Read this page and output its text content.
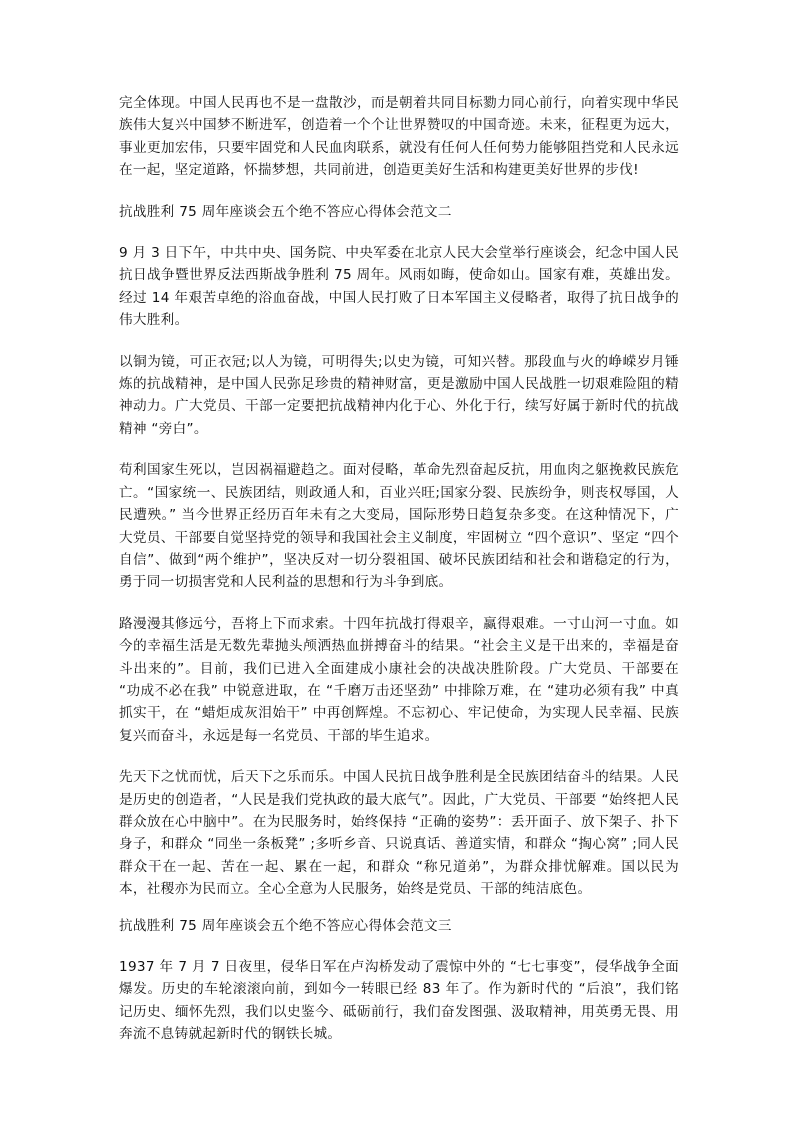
完全体现。中国人民再也不是一盘散沙，而是朝着共同目标勠力同心前行，向着实现中华民族伟大复兴中国梦不断进军，创造着一个个让世界赞叹的中国奇迹。未来，征程更为远大，事业更加宏伟，只要牢固党和人民血肉联系，就没有任何人任何势力能够阻挡党和人民永远在一起，坚定道路，怀揣梦想，共同前进，创造更美好生活和构建更美好世界的步伐!

抗战胜利 75 周年座谈会五个绝不答应心得体会范文二

9 月 3 日下午，中共中央、国务院、中央军委在北京人民大会堂举行座谈会，纪念中国人民抗日战争暨世界反法西斯战争胜利 75 周年。风雨如晦，使命如山。国家有难，英雄出发。经过 14 年艰苦卓绝的浴血奋战，中国人民打败了日本军国主义侵略者，取得了抗日战争的伟大胜利。

以铜为镜，可正衣冠;以人为镜，可明得失;以史为镜，可知兴替。那段血与火的峥嵘岁月锤炼的抗战精神，是中国人民弥足珍贵的精神财富，更是激励中国人民战胜一切艰难险阻的精神动力。广大党员、干部一定要把抗战精神内化于心、外化于行，续写好属于新时代的抗战精神 “旁白”。

苟利国家生死以，岂因祸福避趋之。面对侵略，革命先烈奋起反抗，用血肉之躯挽救民族危亡。“国家统一、民族团结，则政通人和，百业兴旺;国家分裂、民族纷争，则丧权辱国，人民遭殃。” 当今世界正经历百年未有之大变局，国际形势日趋复杂多变。在这种情况下，广大党员、干部要自觉坚持党的领导和我国社会主义制度，牢固树立 “四个意识”、坚定 “四个自信”、做到“两个维护”，坚决反对一切分裂祖国、破坏民族团结和社会和谐稳定的行为，勇于同一切损害党和人民利益的思想和行为斗争到底。

路漫漫其修远兮，吾将上下而求索。十四年抗战打得艰辛，赢得艰难。一寸山河一寸血。如今的幸福生活是无数先辈抛头颅洒热血拼搏奋斗的结果。“社会主义是干出来的，幸福是奋斗出来的”。目前，我们已进入全面建成小康社会的决战决胜阶段。广大党员、干部要在 “功成不必在我” 中锐意进取，在 “千磨万击还坚劲” 中排除万难，在 “建功必须有我” 中真抓实干，在 “蜡炬成灰泪始干” 中再创辉煌。不忘初心、牢记使命，为实现人民幸福、民族复兴而奋斗，永远是每一名党员、干部的毕生追求。

先天下之忧而忧，后天下之乐而乐。中国人民抗日战争胜利是全民族团结奋斗的结果。人民是历史的创造者，“人民是我们党执政的最大底气”。因此，广大党员、干部要 “始终把人民群众放在心中脑中”。在为民服务时，始终保持 “正确的姿势”：丢开面子、放下架子、扑下身子，和群众 “同坐一条板凳” ;多听乡音、只说真话、善道实情，和群众 “掏心窝” ;同人民群众干在一起、苦在一起、累在一起，和群众 “称兄道弟”，为群众排忧解难。国以民为本，社稷亦为民而立。全心全意为人民服务，始终是党员、干部的纯洁底色。

抗战胜利 75 周年座谈会五个绝不答应心得体会范文三

1937 年 7 月 7 日夜里，侵华日军在卢沟桥发动了震惊中外的 “七七事变”，侵华战争全面爆发。历史的车轮滚滚向前，到如今一转眼已经 83 年了。作为新时代的 “后浪”，我们铭记历史、缅怀先烈，我们以史鉴今、砥砺前行，我们奋发图强、汲取精神，用英勇无畏、用奔流不息铸就起新时代的钢铁长城。
